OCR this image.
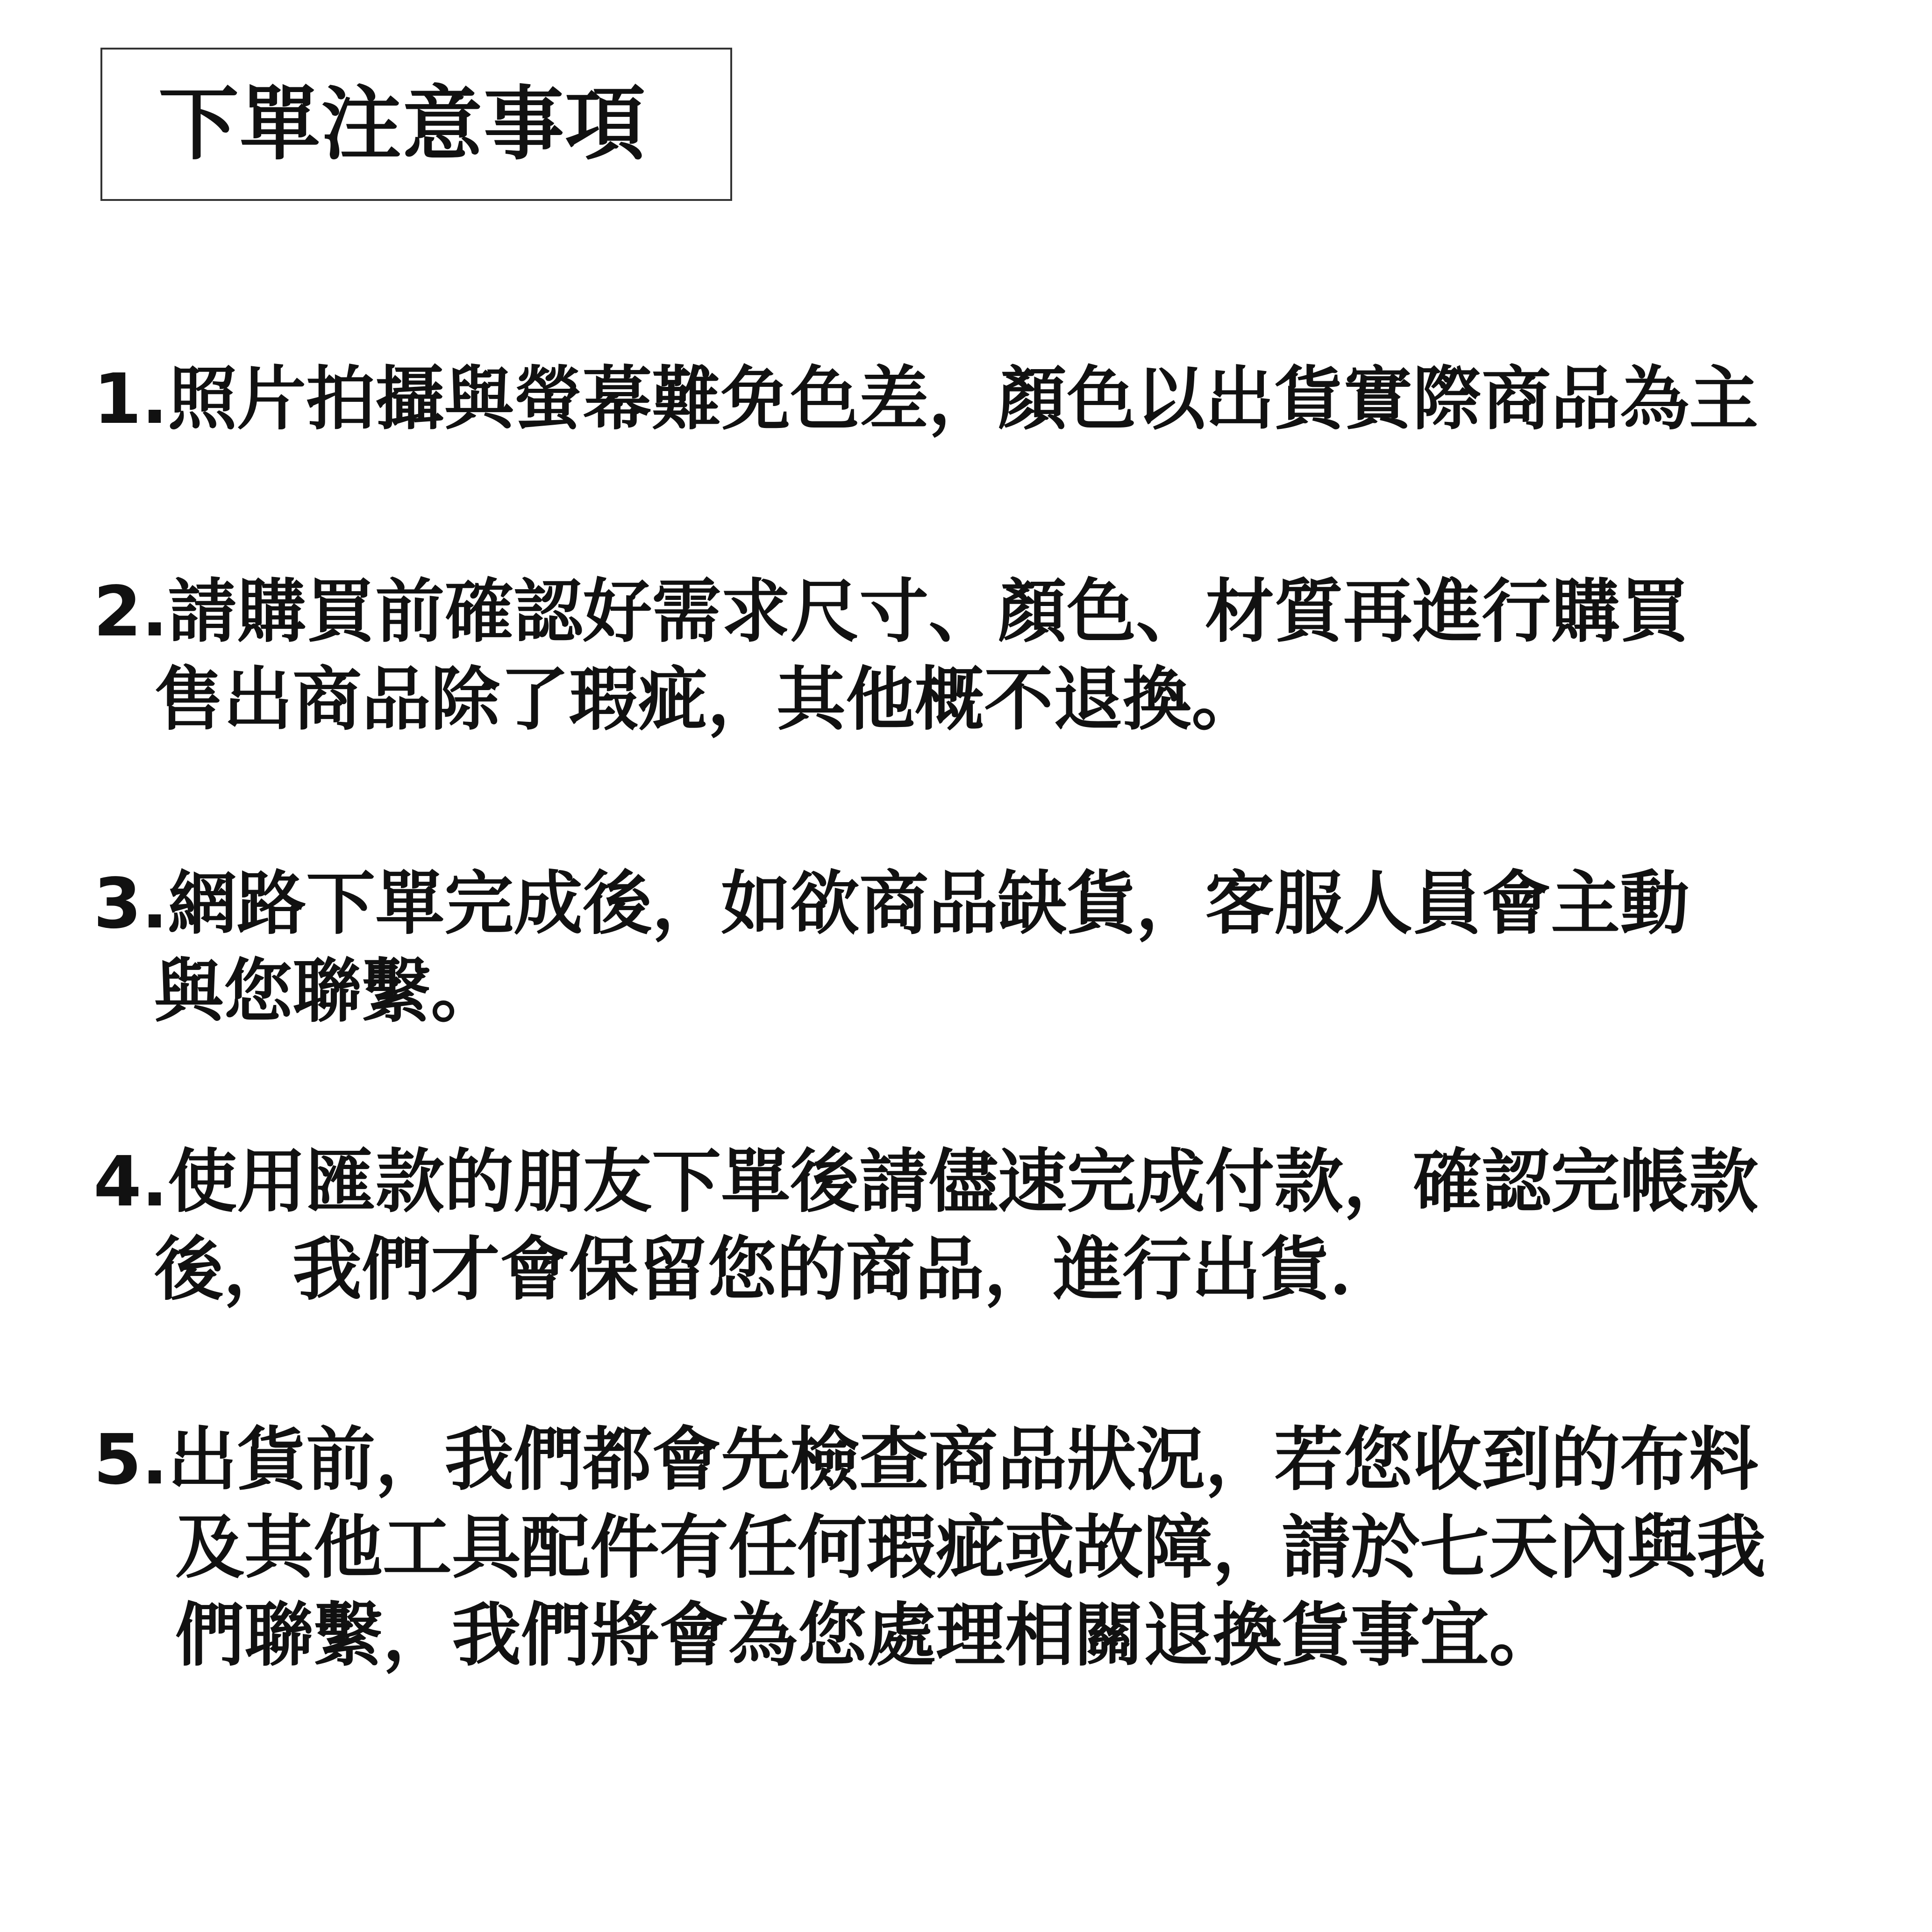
下單注意事項
1.照片拍攝與螢幕難免色差，顏色以出貨實際商品為主
2.請購買前確認好需求尺寸、顏色、材質再進行購買
售出商品除了瑕疵，其他概不退換。
3.網路下單完成後，如欲商品缺貨，客服人員會主動
與您聯繫。
4.使用匯款的朋友下單後請儘速完成付款，確認完帳款
後，我們才會保留您的商品，進行出貨．
5.出貨前，我們都會先檢查商品狀況，若您收到的布料
及其他工具配件有任何瑕疵或故障，請於七天內與我
們聯繫，我們將會為您處理相關退換貨事宜。
